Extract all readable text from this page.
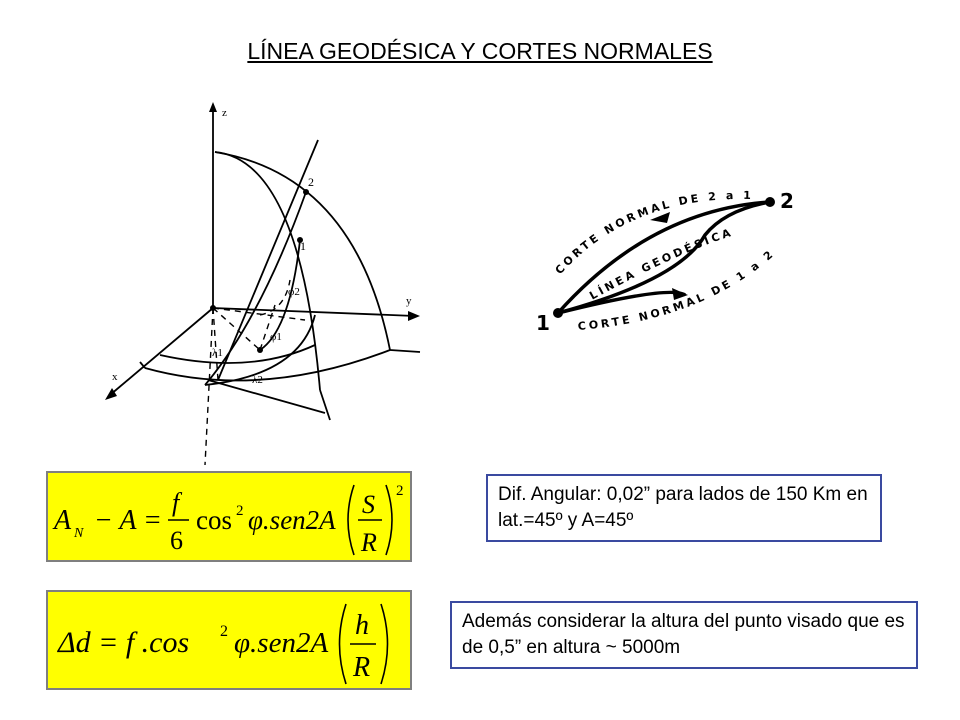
LÍNEA GEODÉSICA Y CORTES NORMALES
z
y
x
2
1
φ2
φ1
λ1
λ2
CORTE NORMAL DE 2 a 1
LÍNEA GEODÉSICA
CORTE NORMAL DE 1 a 2
1
2
A N − A =
f
6
cos 2 φ.sen2A
S
R
2
Δd = f .cos 2 φ.sen2A
h
R
Dif. Angular: 0,02” para lados de 150 Km en lat.=45º y A=45º
Además considerar la altura del punto visado que es de 0,5” en altura ~ 5000m
